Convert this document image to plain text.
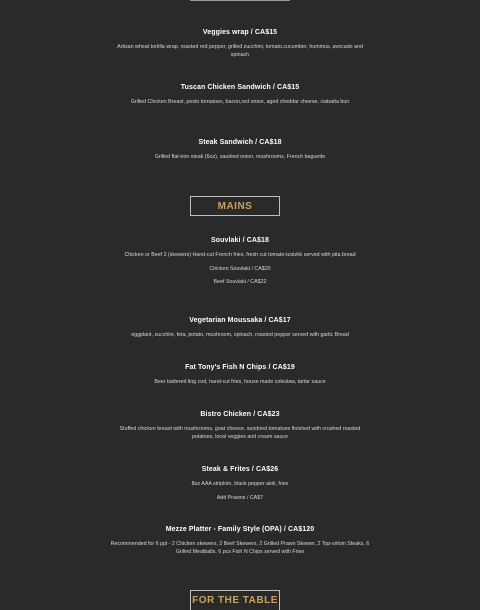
Veggies wrap / CA$15
Artisan wheat tortilla wrap, roasted red pepper, grilled zucchini, tomato,cucumber, hummus, avocado and spinach
Tuscan Chicken Sandwich / CA$15
Grilled Chicken Breast, pesto tomatoes, bacon,red onion, aged cheddar cheese, ciabatta bun
Steak Sandwich / CA$18
Grilled flat-iron steak (6oz), sautéed onion, mushrooms, French baguette
MAINS
Souvlaki / CA$18
Chicken or Beef 2 (skewers) Hand-cut French fries, fresh cut tomato-tzatziki served with pita bread
Chicken Souvlaki / CA$20
Beef Souvlaki / CA$22
Vegetarian Moussaka / CA$17
eggplant, zucchini, feta, potato, mushroom, spinach, roasted pepper served with garlic Bread
Fat Tony's Fish N Chips / CA$19
Beer battered ling cod, hand-cut fries, house made coleslaw, tartar sauce
Bistro Chicken / CA$23
Stuffed chicken breast with mushrooms, goat cheese, sundried tomatoes finished with crushed roasted potatoes, local veggies and cream sauce
Steak & Frites / CA$26
8oz AAA striploin, black pepper aioli, fries
Add Prawns / CA$7
Mezze Platter - Family Style (OPA) / CA$120
Recommended for 6 ppl - 2 Chicken skewers, 2 Beef Skewers, 2 Grilled Prawn Skewer, 2 Top-sirloin Steaks, 6 Grilled Meatballs, 6 pcs Fish N Chips served with Fries
FOR THE TABLE
